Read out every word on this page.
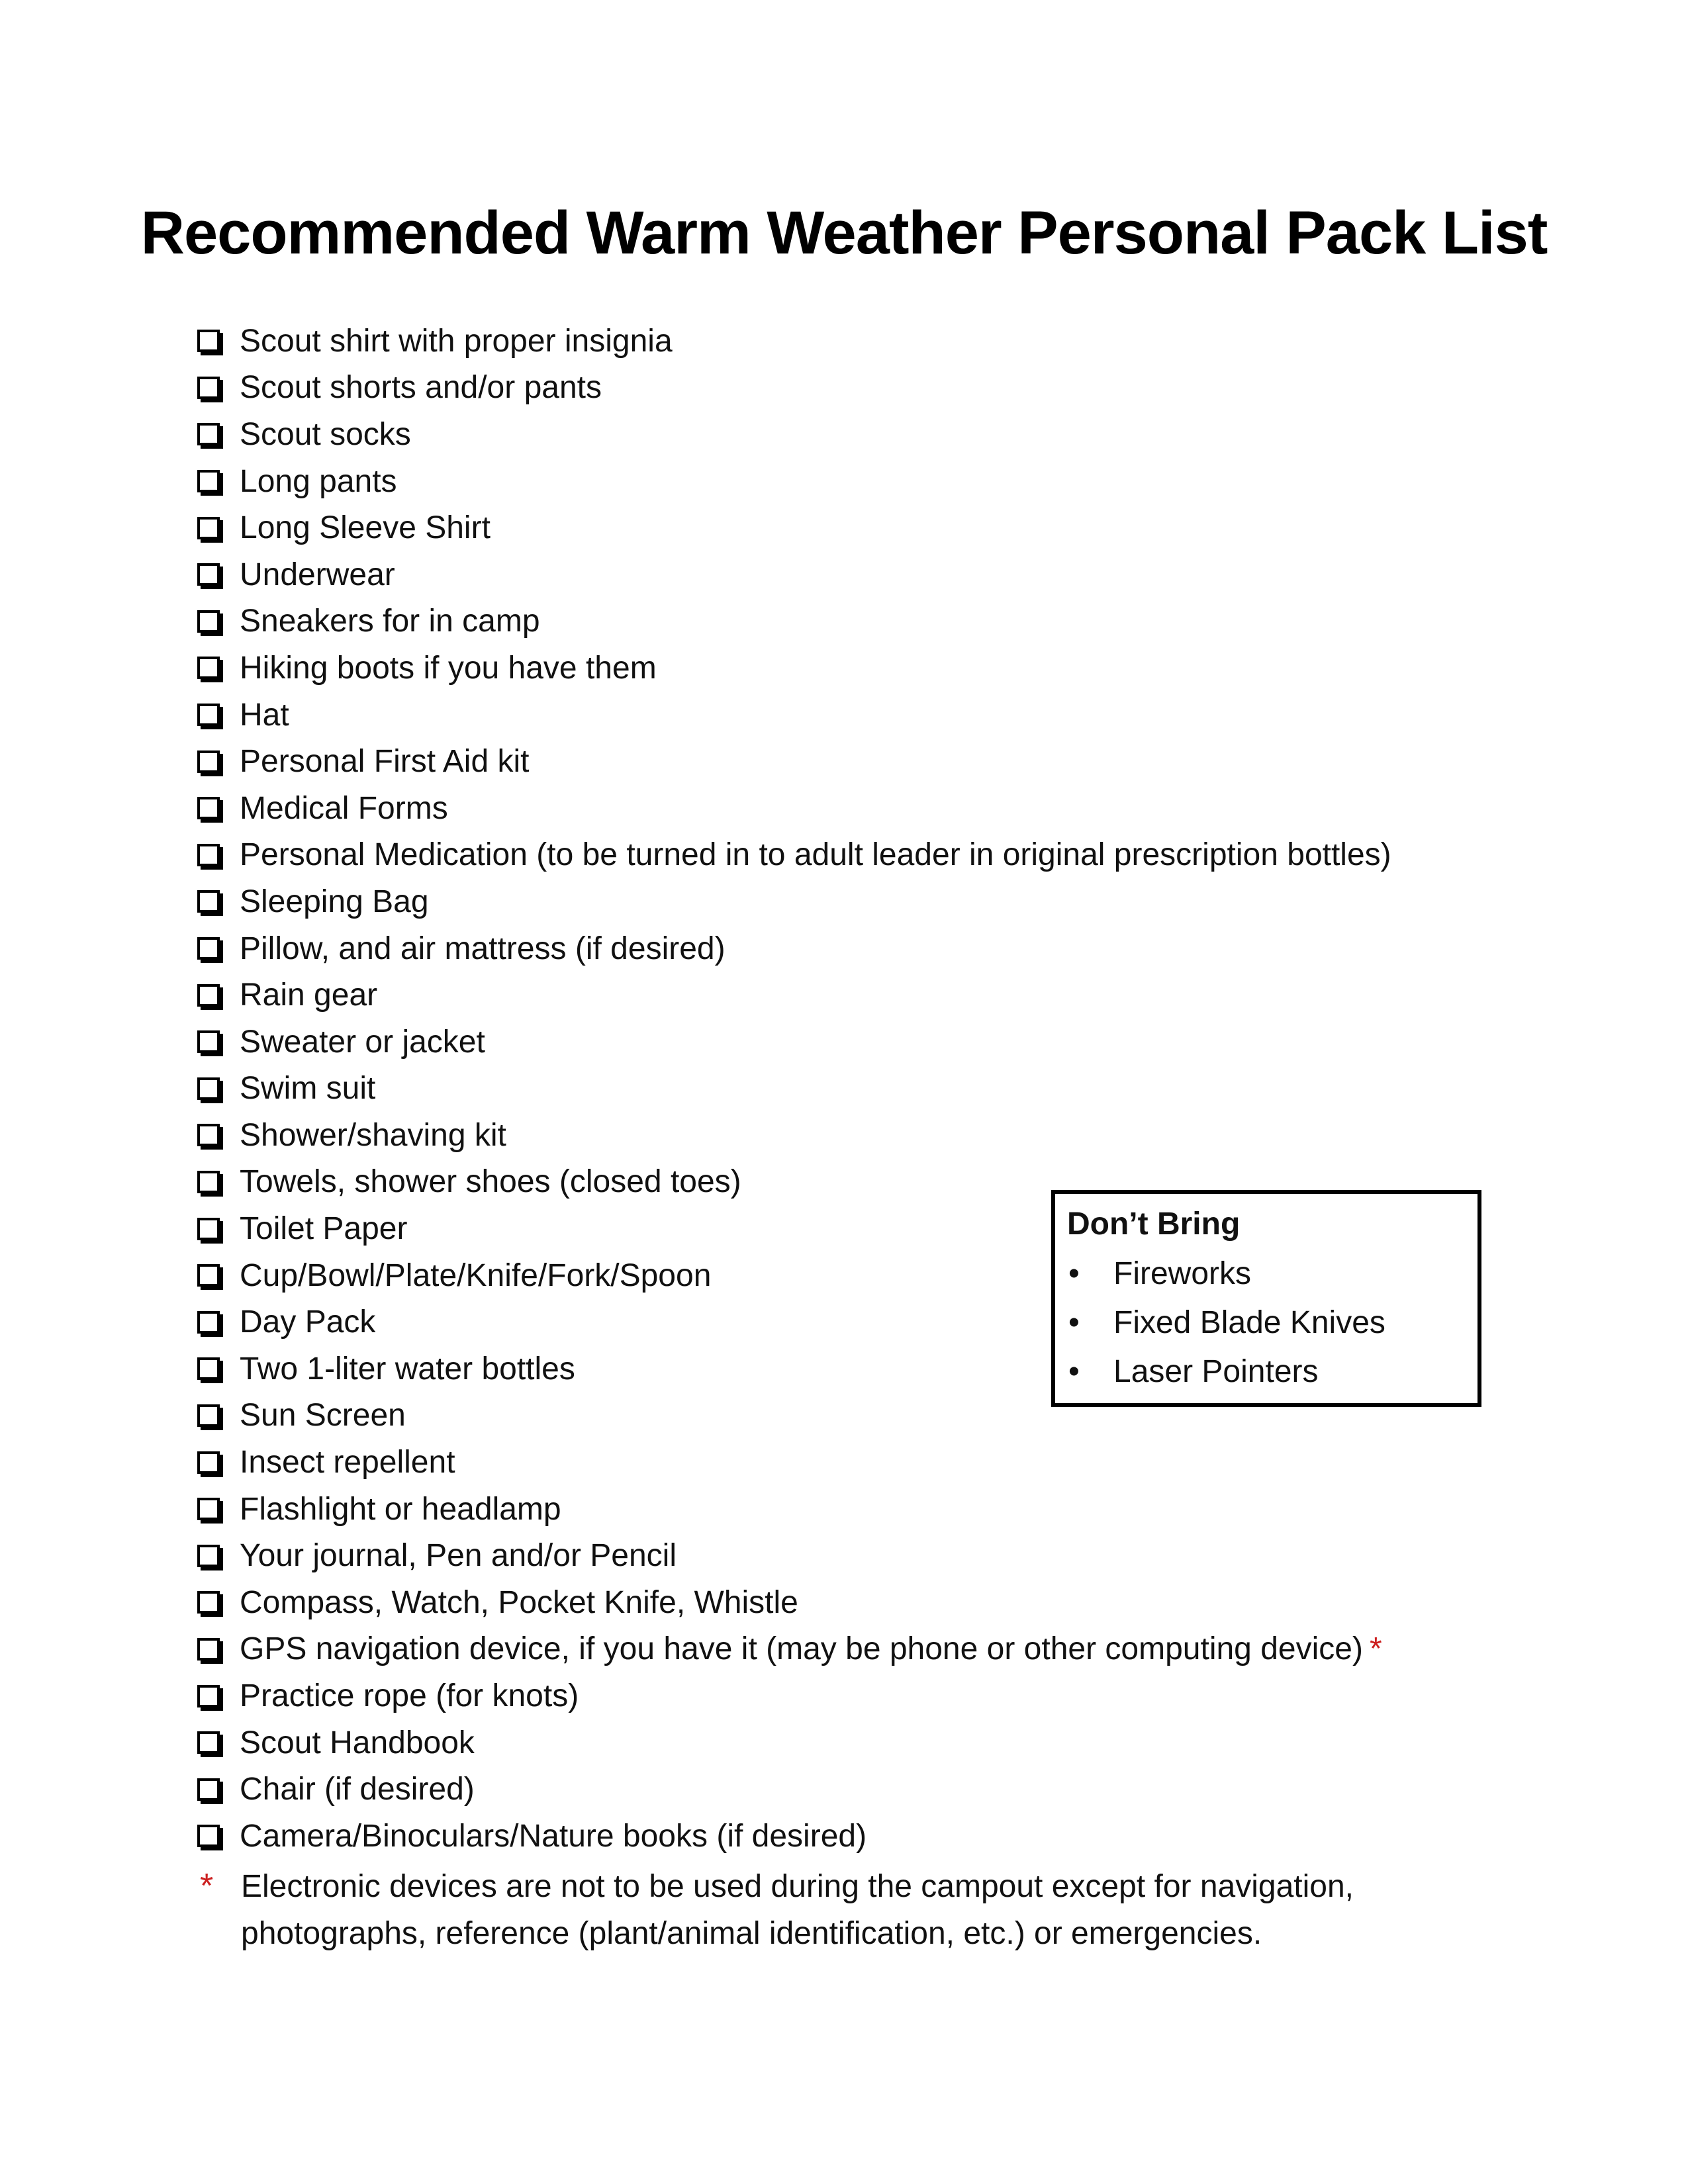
Recommended Warm Weather Personal Pack List
Scout shirt with proper insignia
Scout shorts and/or pants
Scout socks
Long pants
Long Sleeve Shirt
Underwear
Sneakers for in camp
Hiking boots if you have them
Hat
Personal First Aid kit
Medical Forms
Personal Medication (to be turned in to adult leader in original prescription bottles)
Sleeping Bag
Pillow, and air mattress (if desired)
Rain gear
Sweater or jacket
Swim suit
Shower/shaving kit
Towels, shower shoes (closed toes)
Toilet Paper
Cup/Bowl/Plate/Knife/Fork/Spoon
Day Pack
Two 1-liter water bottles
Sun Screen
Insect repellent
Flashlight or headlamp
Your journal, Pen and/or Pencil
Compass, Watch, Pocket Knife, Whistle
GPS navigation device, if you have it (may be phone or other computing device) *
Practice rope (for knots)
Scout Handbook
Chair (if desired)
Camera/Binoculars/Nature books (if desired)
* Electronic devices are not to be used during the campout except for navigation, photographs, reference (plant/animal identification, etc.) or emergencies.
Don’t Bring
•	Fireworks
•	Fixed Blade Knives
•	Laser Pointers
